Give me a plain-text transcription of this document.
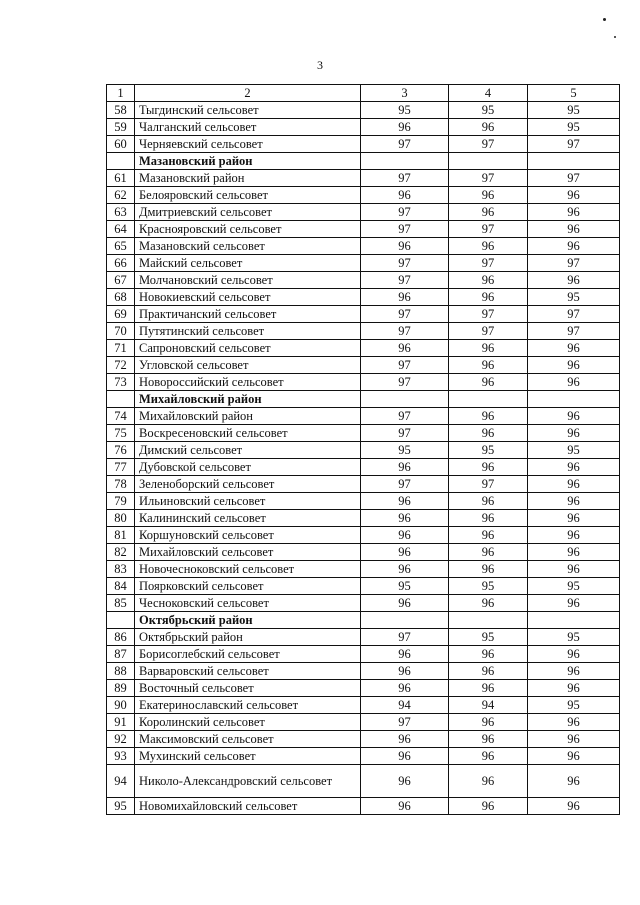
3
1	2	3	4	5
58	Тыгдинский сельсовет	95	95	95
59	Чалганский сельсовет	96	96	95
60	Черняевский сельсовет	97	97	97
	Мазановский район			
61	Мазановский район	97	97	97
62	Белояровский сельсовет	96	96	96
63	Дмитриевский сельсовет	97	96	96
64	Краснояровский сельсовет	97	97	96
65	Мазановский сельсовет	96	96	96
66	Майский сельсовет	97	97	97
67	Молчановский сельсовет	97	96	96
68	Новокиевский сельсовет	96	96	95
69	Практичанский сельсовет	97	97	97
70	Путятинский сельсовет	97	97	97
71	Сапроновский сельсовет	96	96	96
72	Угловской сельсовет	97	96	96
73	Новороссийский сельсовет	97	96	96
	Михайловский район			
74	Михайловский район	97	96	96
75	Воскресеновский сельсовет	97	96	96
76	Димский сельсовет	95	95	95
77	Дубовской сельсовет	96	96	96
78	Зеленоборский сельсовет	97	97	96
79	Ильиновский сельсовет	96	96	96
80	Калининский сельсовет	96	96	96
81	Коршуновский сельсовет	96	96	96
82	Михайловский сельсовет	96	96	96
83	Новочесноковский сельсовет	96	96	96
84	Поярковский сельсовет	95	95	95
85	Чесноковский сельсовет	96	96	96
	Октябрьский район			
86	Октябрьский район	97	95	95
87	Борисоглебский сельсовет	96	96	96
88	Варваровский сельсовет	96	96	96
89	Восточный сельсовет	96	96	96
90	Екатеринославский сельсовет	94	94	95
91	Королинский сельсовет	97	96	96
92	Максимовский сельсовет	96	96	96
93	Мухинский сельсовет	96	96	96
94	Николо-Александровский сельсовет	96	96	96
95	Новомихайловский сельсовет	96	96	96
